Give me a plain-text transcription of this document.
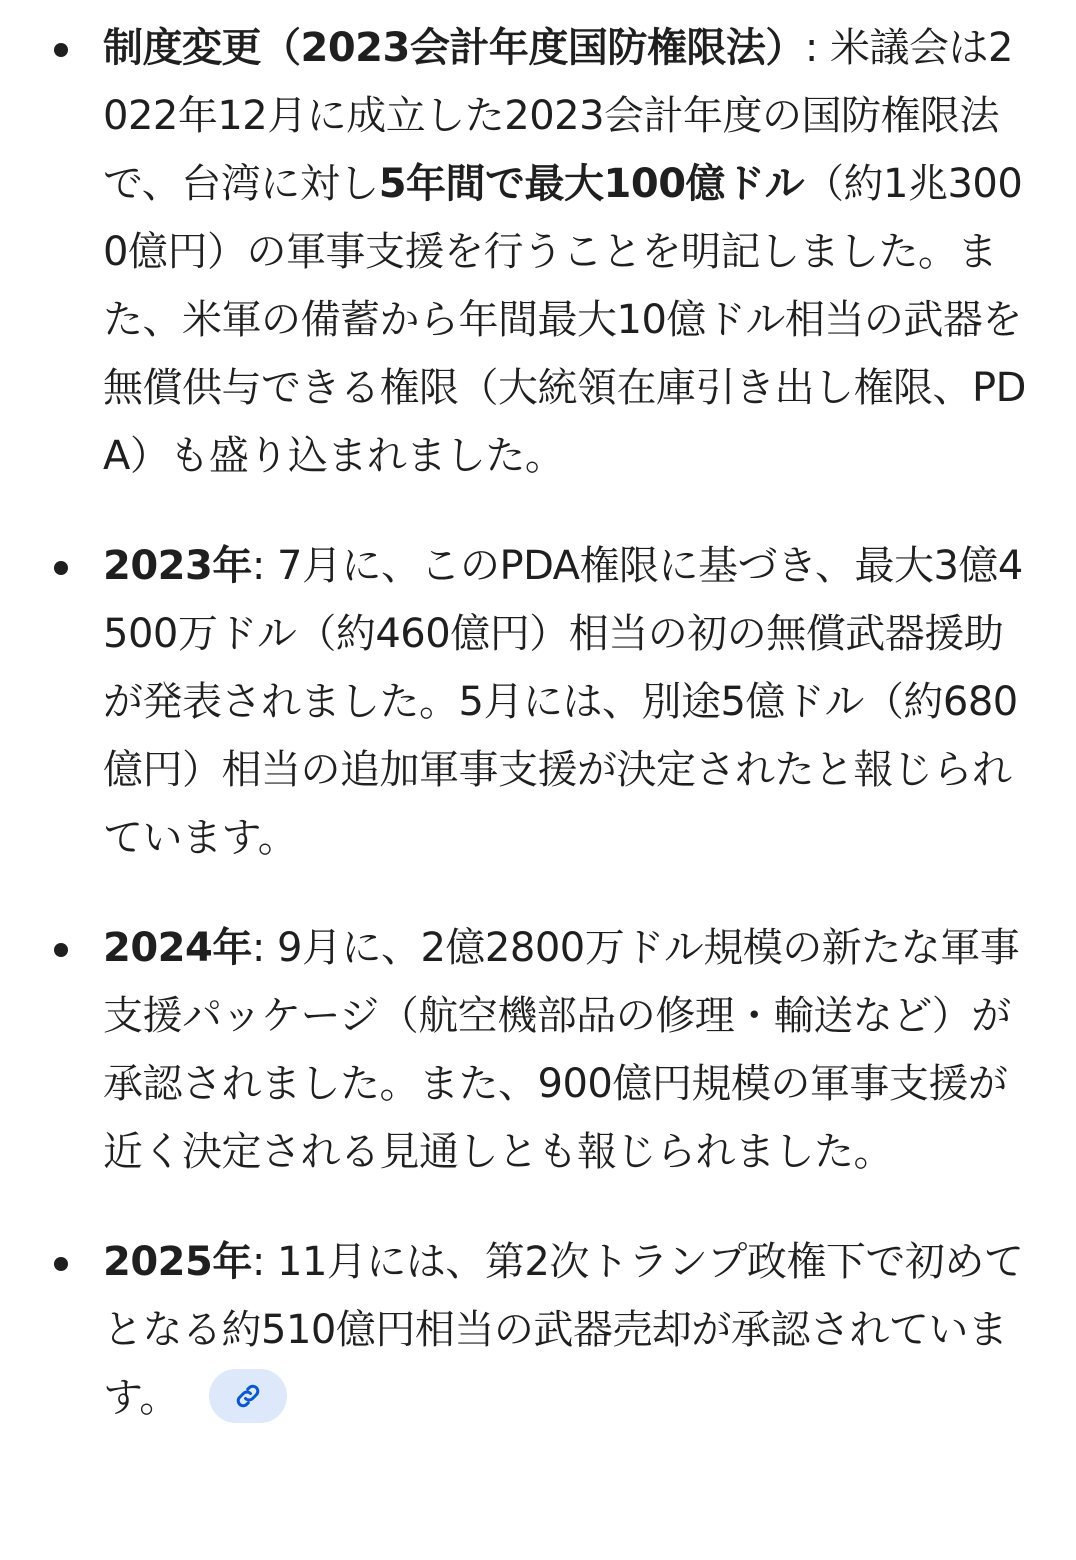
制度変更（2023会計年度国防権限法）: 米議会は2022年12月に成立した2023会計年度の国防権限法で、台湾に対し5年間で最大100億ドル（約1兆3000億円）の軍事支援を行うことを明記しました。また、米軍の備蓄から年間最大10億ドル相当の武器を無償供与できる権限（大統領在庫引き出し権限、PDA）も盛り込まれました。
2023年: 7月に、このPDA権限に基づき、最大3億4500万ドル（約460億円）相当の初の無償武器援助が発表されました。5月には、別途5億ドル（約680億円）相当の追加軍事支援が決定されたと報じられています。
2024年: 9月に、2億2800万ドル規模の新たな軍事支援パッケージ（航空機部品の修理・輸送など）が承認されました。また、900億円規模の軍事支援が近く決定される見通しとも報じられました。
2025年: 11月には、第2次トランプ政権下で初めてとなる約510億円相当の武器売却が承認されています。
